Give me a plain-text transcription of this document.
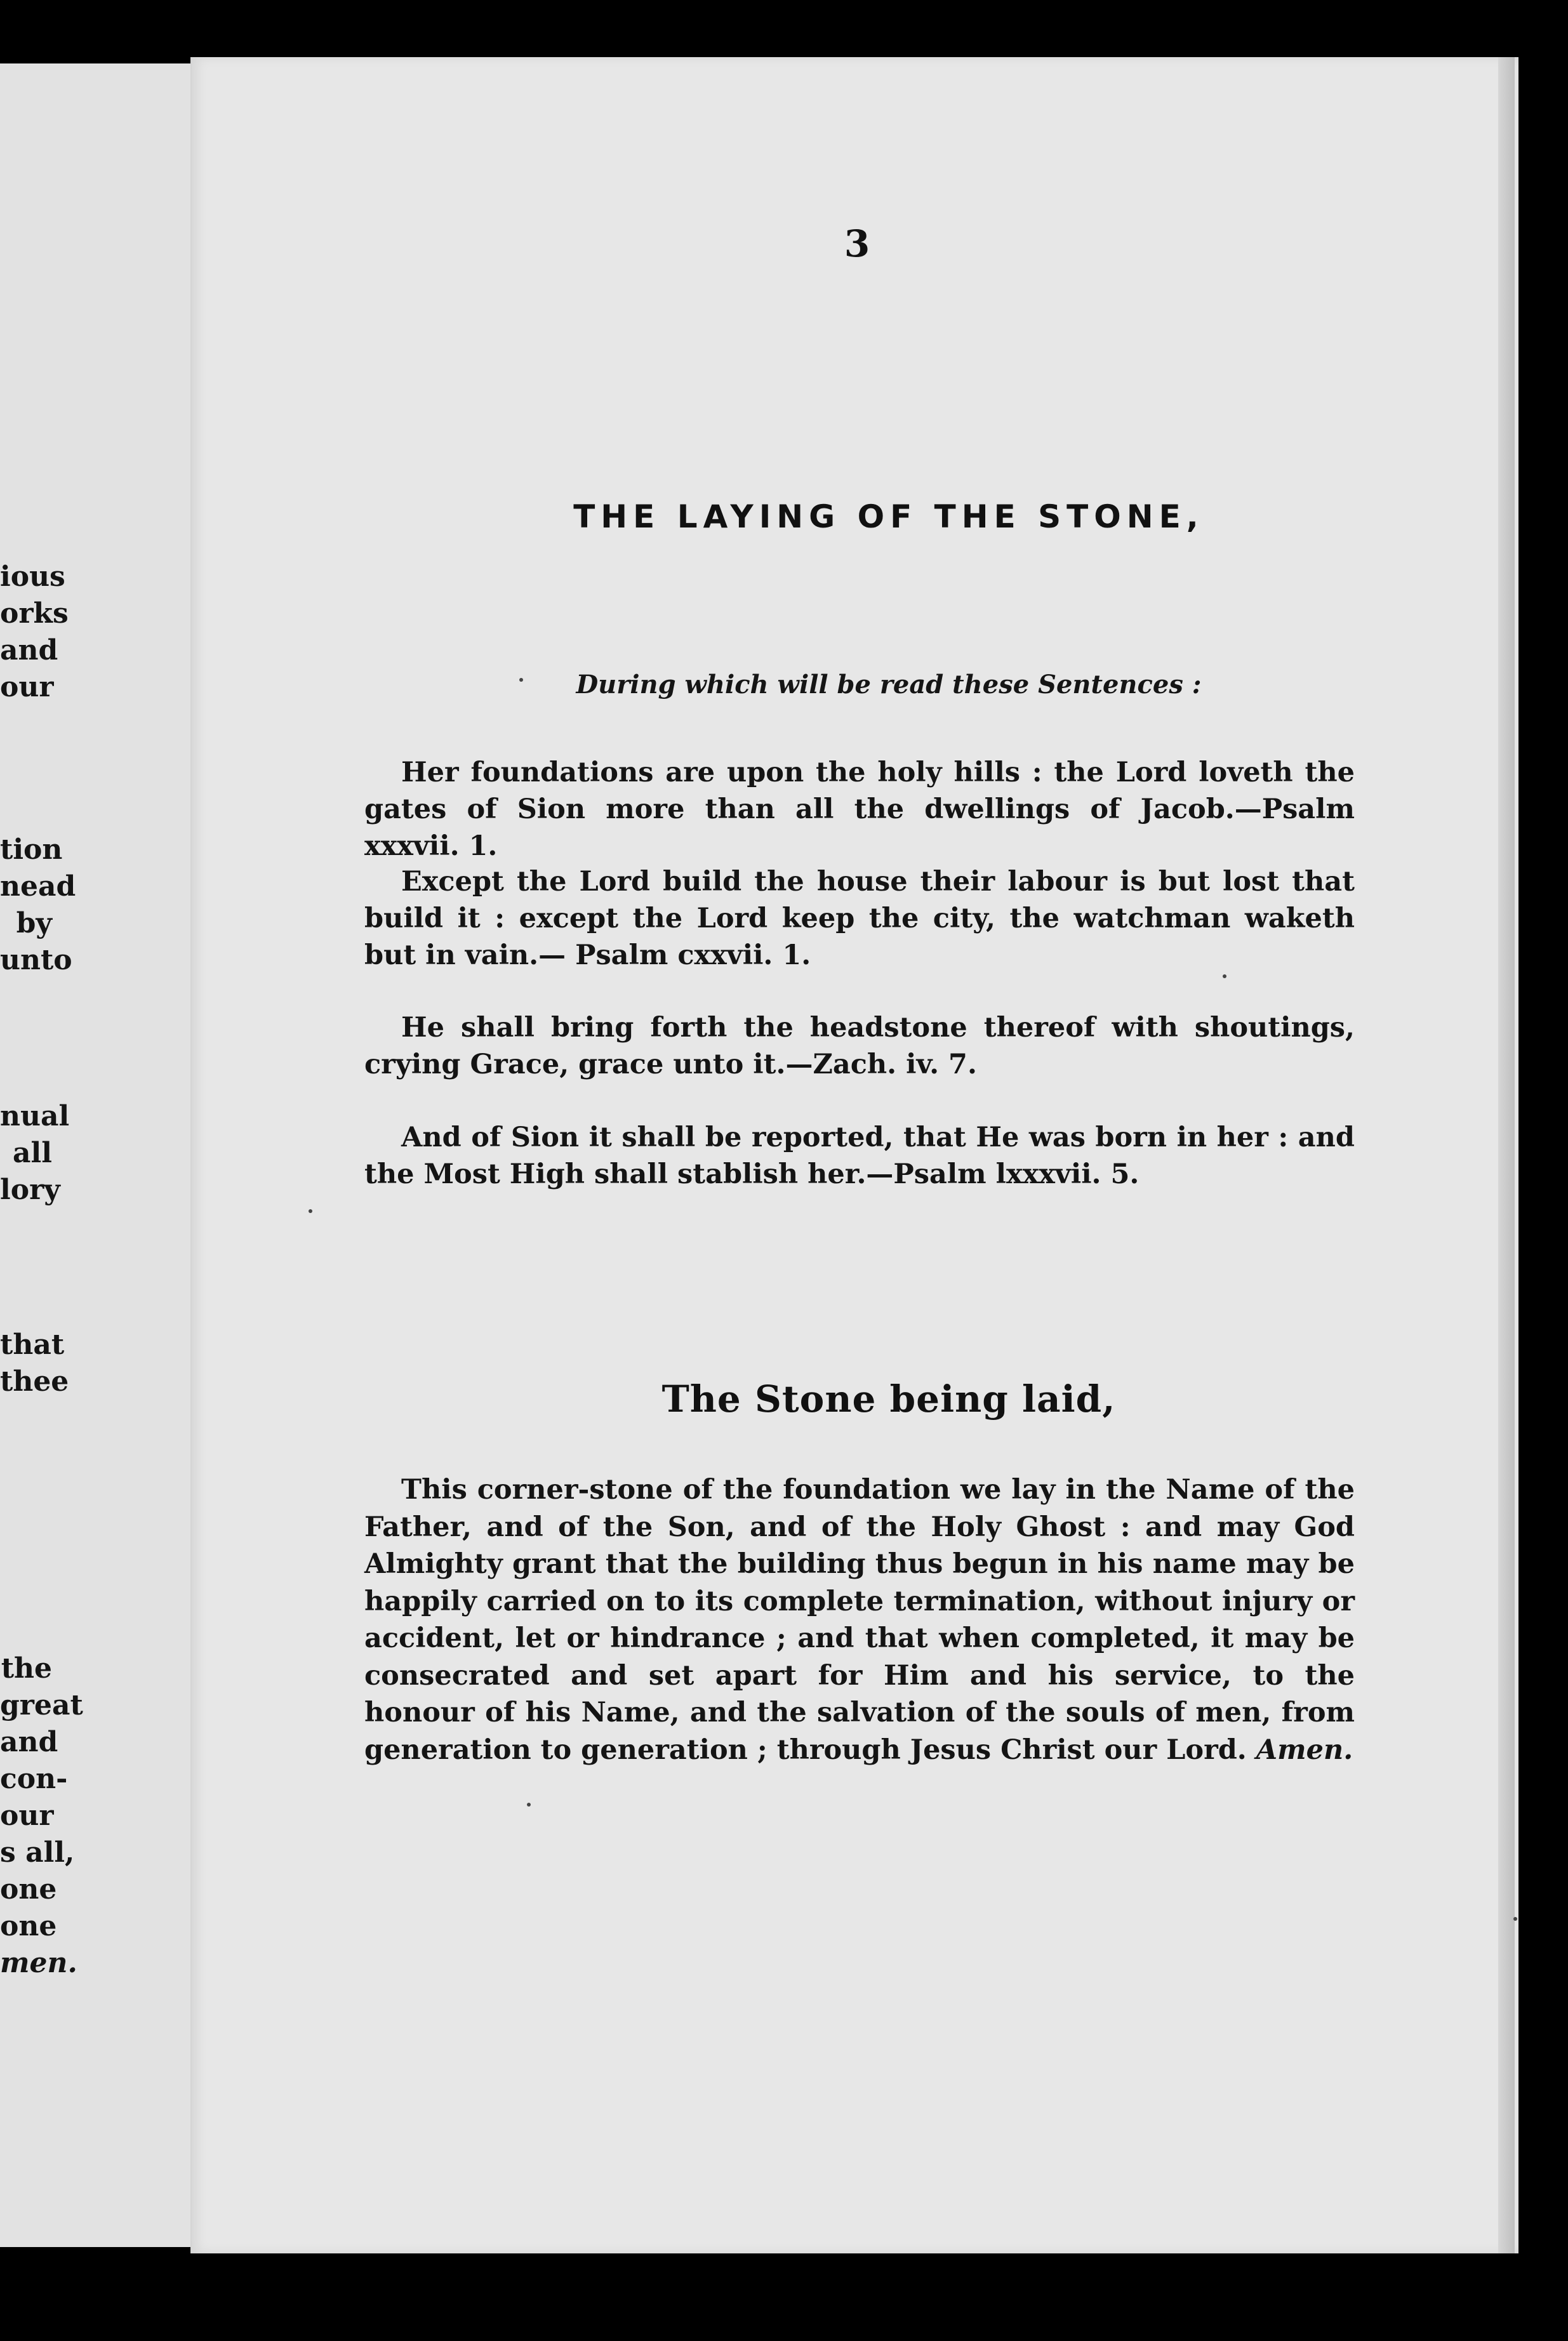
ious
orks
and
our
tion
nead
by
unto
nual
all
lory
that
thee
the
great
and
con-
our
s all,
one
one
men.
3
THE LAYING OF THE STONE,
During which will be read these Sentences :
Her foundations are upon the holy hills : the Lord loveth the gates of Sion more than all the dwellings of Jacob.—Psalm xxxvii. 1.
Except the Lord build the house their labour is but lost that build it : except the Lord keep the city, the watchman waketh but in vain.— Psalm cxxvii. 1.
He shall bring forth the headstone thereof with shoutings, crying Grace, grace unto it.—Zach. iv. 7.
And of Sion it shall be reported, that He was born in her : and the Most High shall stablish her.—Psalm lxxxvii. 5.
The Stone being laid,
This corner-stone of the foundation we lay in the Name of the Father, and of the Son, and of the Holy Ghost : and may God Almighty grant that the building thus begun in his name may be happily carried on to its complete termination, without injury or accident, let or hindrance ; and that when completed, it may be consecrated and set apart for Him and his service, to the honour of his Name, and the salvation of the souls of men, from generation to generation ; through Jesus Christ our Lord. Amen.
